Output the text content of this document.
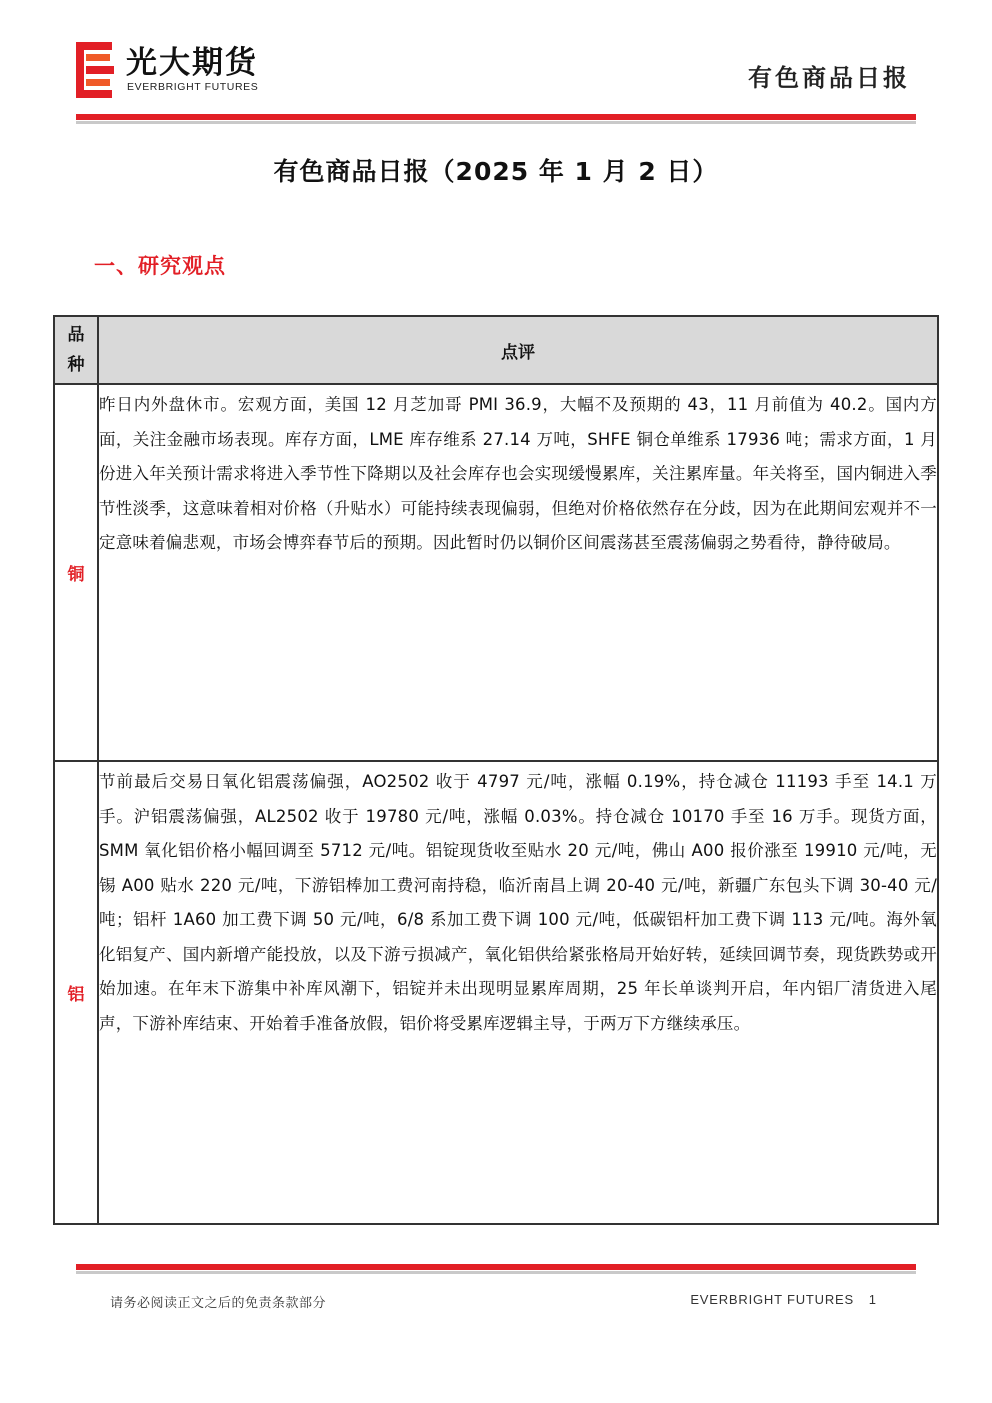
光大期货
EVERBRIGHT FUTURES	有色商品日报
有色商品日报（2025 年 1 月 2 日）
一、研究观点
品种	点评
铜	昨日内外盘休市。宏观方面，美国 12 月芝加哥 PMI 36.9，大幅不及预期的 43，11 月前值为 40.2。国内方面，关注金融市场表现。库存方面，LME 库存维系 27.14 万吨，SHFE 铜仓单维系 17936 吨；需求方面，1 月份进入年关预计需求将进入季节性下降期以及社会库存也会实现缓慢累库，关注累库量。年关将至，国内铜进入季节性淡季，这意味着相对价格（升贴水）可能持续表现偏弱，但绝对价格依然存在分歧，因为在此期间宏观并不一定意味着偏悲观，市场会博弈春节后的预期。因此暂时仍以铜价区间震荡甚至震荡偏弱之势看待，静待破局。
铝	节前最后交易日氧化铝震荡偏强，AO2502 收于 4797 元/吨，涨幅 0.19%，持仓减仓 11193 手至 14.1 万手。沪铝震荡偏强，AL2502 收于 19780 元/吨，涨幅 0.03%。持仓减仓 10170 手至 16 万手。现货方面，SMM 氧化铝价格小幅回调至 5712 元/吨。铝锭现货收至贴水 20 元/吨，佛山 A00 报价涨至 19910 元/吨，无锡 A00 贴水 220 元/吨，下游铝棒加工费河南持稳，临沂南昌上调 20-40 元/吨，新疆广东包头下调 30-40 元/吨；铝杆 1A60 加工费下调 50 元/吨，6/8 系加工费下调 100 元/吨，低碳铝杆加工费下调 113 元/吨。海外氧化铝复产、国内新增产能投放，以及下游亏损减产，氧化铝供给紧张格局开始好转，延续回调节奏，现货跌势或开始加速。在年末下游集中补库风潮下，铝锭并未出现明显累库周期，25 年长单谈判开启，年内铝厂清货进入尾声，下游补库结束、开始着手准备放假，铝价将受累库逻辑主导，于两万下方继续承压。
请务必阅读正文之后的免责条款部分	EVERBRIGHT FUTURES 1
